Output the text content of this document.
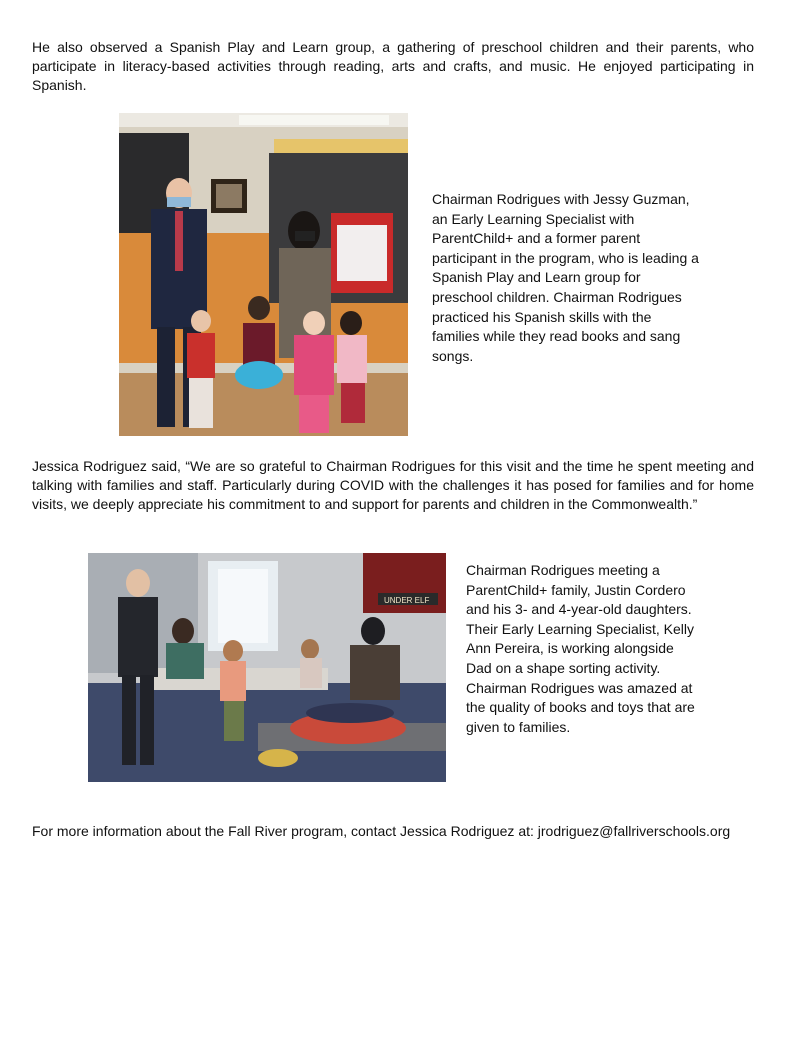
He also observed a Spanish Play and Learn group, a gathering of preschool children and their parents, who participate in literacy-based activities through reading, arts and crafts, and music. He enjoyed participating in Spanish.

Chairman Rodrigues with Jessy Guzman, an Early Learning Specialist with ParentChild+ and a former parent participant in the program, who is leading a Spanish Play and Learn group for preschool children. Chairman Rodrigues practiced his Spanish skills with the families while they read books and sang songs.

Jessica Rodriguez said, “We are so grateful to Chairman Rodrigues for this visit and the time he spent meeting and talking with families and staff. Particularly during COVID with the challenges it has posed for families and for home visits, we deeply appreciate his commitment to and support for parents and children in the Commonwealth.”

UNDER ELF

Chairman Rodrigues meeting a ParentChild+ family, Justin Cordero and his 3- and 4-year-old daughters. Their Early Learning Specialist, Kelly Ann Pereira, is working alongside Dad on a shape sorting activity. Chairman Rodrigues was amazed at the quality of books and toys that are given to families.

For more information about the Fall River program, contact Jessica Rodriguez at: jrodriguez@fallriverschools.org
